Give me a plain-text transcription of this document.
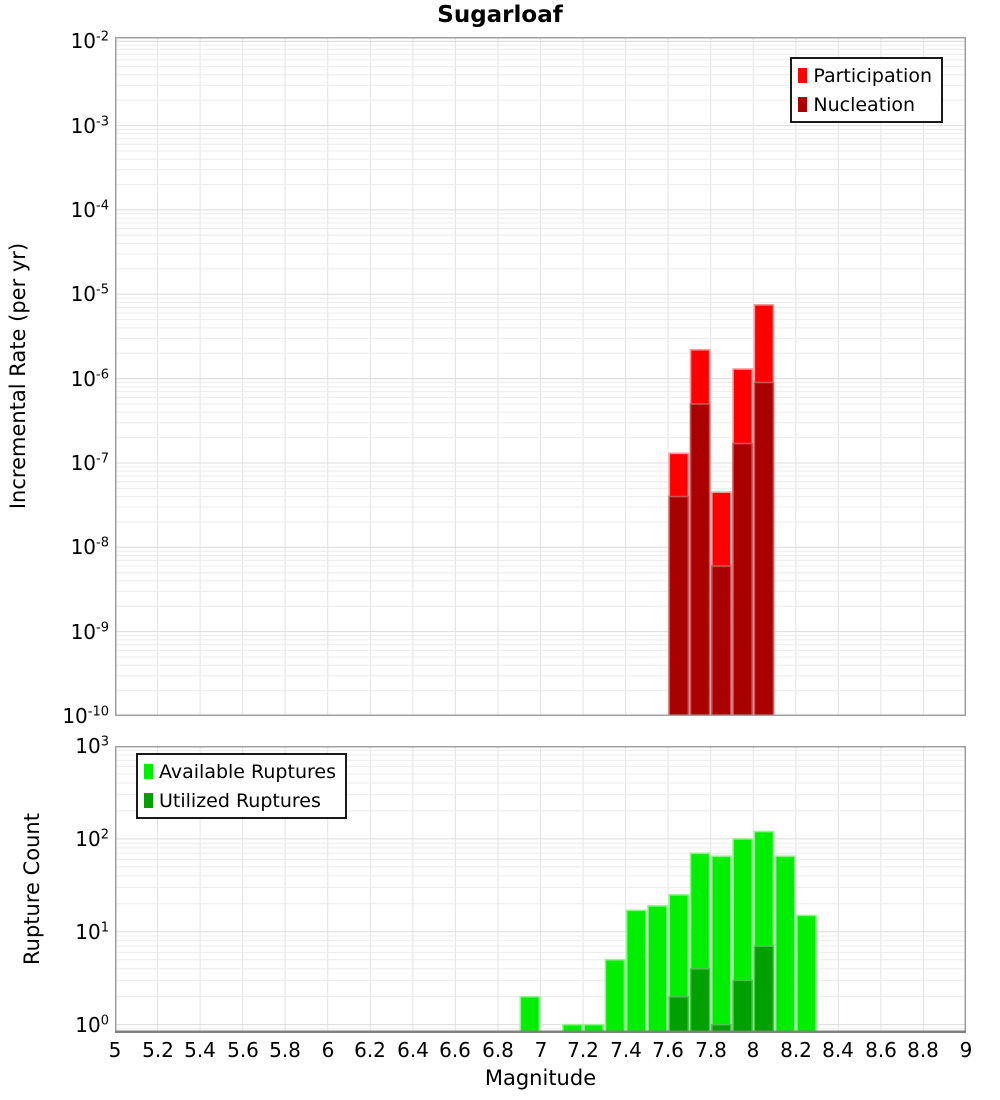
Sugarloaf
Incremental Rate (per yr)
Rupture Count
Magnitude
$10^{-2}$
$10^{-3}$
$10^{-4}$
$10^{-5}$
$10^{-6}$
$10^{-7}$
$10^{-8}$
$10^{-9}$
$10^{-10}$
Participation
Nucleation
$10^3$
$10^2$
$10^1$
$10^0$
5	5.2 5.4 5.6 5.8	6 6.2 6.4 6.6 6.8	7 7.2 7.4 7.6 7.8 8	8.2 8.4 8.6 8.8	9
Available Ruptures
Utilized Ruptures
